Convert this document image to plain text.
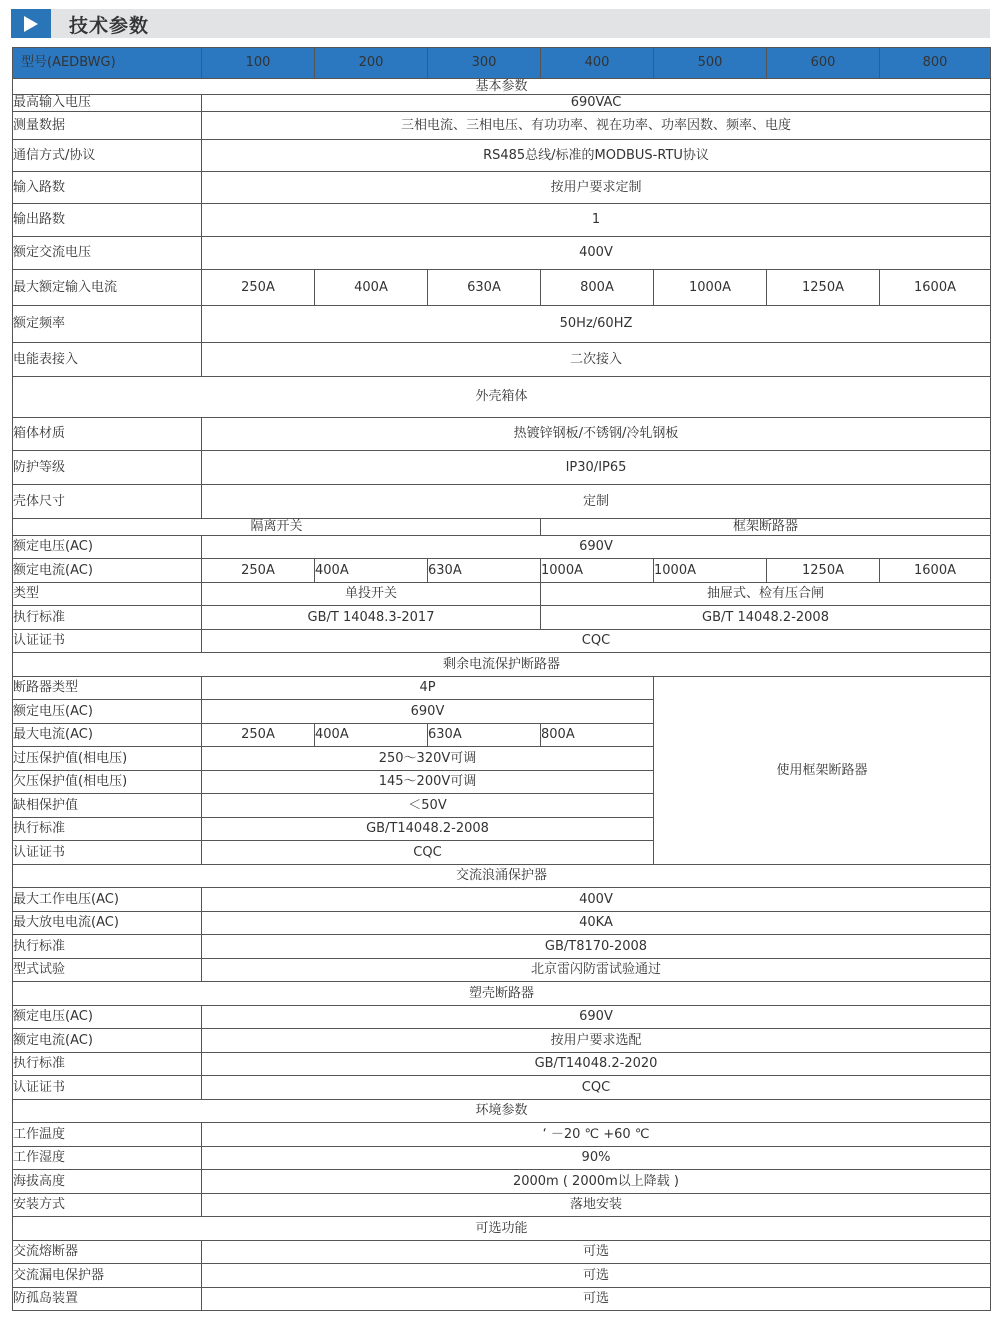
技术参数
型号(AEDBWG)	100	200	300	400	500	600	800
基本参数							
最高输入电压	690VAC						
测量数据	三相电流、三相电压、有功功率、视在功率、功率因数、频率、电度						
通信方式/协议	RS485总线/标准的MODBUS-RTU协议						
输入路数	按用户要求定制						
输出路数	1						
额定交流电压	400V						
最大额定输入电流	250A	400A	630A	800A	1000A	1250A	1600A
额定频率	50Hz/60HZ						
电能表接入	二次接入						
外壳箱体							
箱体材质	热镀锌钢板/不锈钢/冷轧钢板						
防护等级	IP30/IP65						
壳体尺寸	定制						
隔离开关				框架断路器			
额定电压(AC)	690V						
额定电流(AC)	250A	400A	630A	1000A	1000A	1250A	1600A
类型	单投开关			抽屉式、检有压合闸			
执行标准	GB/T 14048.3-2017			GB/T 14048.2-2008			
认证证书	CQC						
剩余电流保护断路器							
断路器类型	4P				使用框架断路器		
额定电压(AC)	690V						
最大电流(AC)	250A	400A	630A	800A			
过压保护值(相电压)	250～320V可调						
欠压保护值(相电压)	145～200V可调						
缺相保护值	＜50V						
执行标准	GB/T14048.2-2008						
认证证书	CQC						
交流浪涌保护器							
最大工作电压(AC)	400V						
最大放电电流(AC)	40KA						
执行标准	GB/T8170-2008						
型式试验	北京雷闪防雷试验通过						
塑壳断路器							
额定电压(AC)	690V						
额定电流(AC)	按用户要求选配						
执行标准	GB/T14048.2-2020						
认证证书	CQC						
环境参数							
工作温度	‘ －20 ℃ +60 ℃						
工作湿度	90%						
海拔高度	2000m ( 2000m以上降载 )						
安装方式	落地安装						
可选功能							
交流熔断器	可选						
交流漏电保护器	可选						
防孤岛装置	可选						
